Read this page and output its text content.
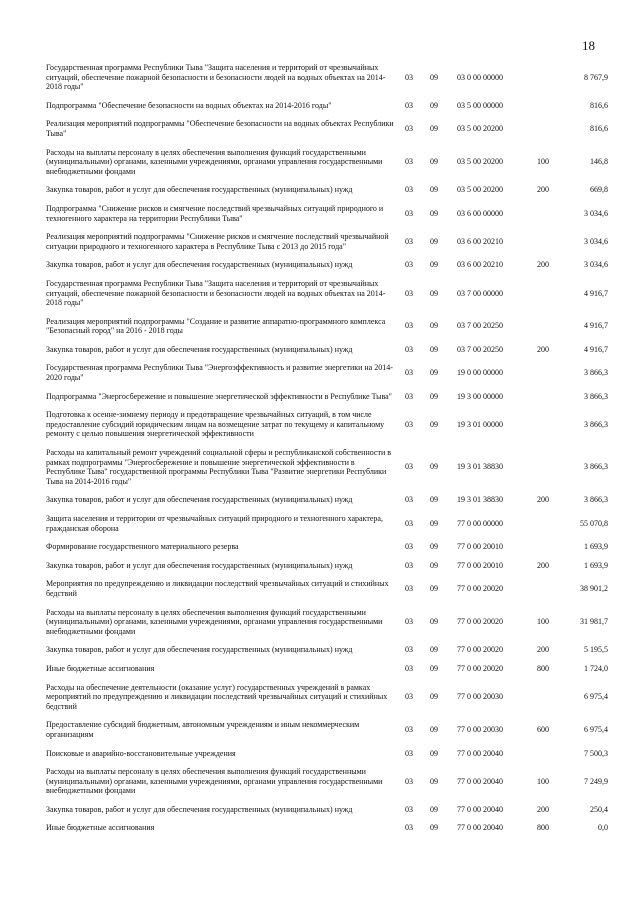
18
Государственная программа Республики Тыва "Защита населения и территорий от чрезвычайных ситуаций, обеспечение пожарной безопасности и безопасности людей на водных объектах на 2014-2018 годы"	03	09	03 0 00 00000		8 767,9
Подпрограмма "Обеспечение безопасности на водных объектах на 2014-2016 годы"	03	09	03 5 00 00000		816,6
Реализация мероприятий подпрограммы "Обеспечение безопасности на водных объектах Республики Тыва"	03	09	03 5 00 20200		816,6
Расходы на выплаты персоналу в целях обеспечения выполнения функций государственными (муниципальными) органами, казенными учреждениями, органами управления государственными внебюджетными фондами	03	09	03 5 00 20200	100	146,8
Закупка товаров, работ и услуг для обеспечения государственных (муниципальных) нужд	03	09	03 5 00 20200	200	669,8
Подпрограмма "Снижение рисков и смягчение последствий чрезвычайных ситуаций природного и техногенного характера на территории Республики Тыва"	03	09	03 6 00 00000		3 034,6
Реализация мероприятий подпрограммы "Снижение рисков и смягчение последствий чрезвычайной ситуации природного и техногенного характера в Республике Тыва с 2013 до 2015 года"	03	09	03 6 00 20210		3 034,6
Закупка товаров, работ и услуг для обеспечения государственных (муниципальных) нужд	03	09	03 6 00 20210	200	3 034,6
Государственная программа Республики Тыва "Защита населения и территорий от чрезвычайных ситуаций, обеспечение пожарной безопасности и безопасности людей на водных объектах на 2014-2018 годы"	03	09	03 7 00 00000		4 916,7
Реализация мероприятий подпрограммы "Создание и развитие аппаратно-программного комплекса "Безопасный город" на 2016 - 2018 годы	03	09	03 7 00 20250		4 916,7
Закупка товаров, работ и услуг для обеспечения государственных (муниципальных) нужд	03	09	03 7 00 20250	200	4 916,7
Государственная программа Республики Тыва "Энергоэффективность и развитие энергетики на 2014-2020 годы"	03	09	19 0 00 00000		3 866,3
Подпрограмма "Энергосбережение и повышение энергетической эффективности в Республике Тыва"	03	09	19 3 00 00000		3 866,3
Подготовка к осенне-зимнему периоду и предотвращение чрезвычайных ситуаций, в том числе предоставление субсидий юридическим лицам на возмещение затрат по текущему и капитальному ремонту с целью повышения энергетической эффективности	03	09	19 3 01 00000		3 866,3
Расходы на капитальный ремонт учреждений социальной сферы и республиканской собственности в рамках подпрограммы "Энергосбережение и повышение энергетической эффективности в Республике Тыва" государственной программы Республики Тыва "Развитие энергетики Республики Тыва на 2014-2016 годы"	03	09	19 3 01 38830		3 866,3
Закупка товаров, работ и услуг для обеспечения государственных (муниципальных) нужд	03	09	19 3 01 38830	200	3 866,3
Защита населения и территории от чрезвычайных ситуаций природного и техногенного характера, гражданская оборона	03	09	77 0 00 00000		55 070,8
Формирование государственного материального резерва	03	09	77 0 00 20010		1 693,9
Закупка товаров, работ и услуг для обеспечения государственных (муниципальных) нужд	03	09	77 0 00 20010	200	1 693,9
Мероприятия по предупреждению и ликвидации последствий чрезвычайных ситуаций и стихийных бедствий	03	09	77 0 00 20020		38 901,2
Расходы на выплаты персоналу в целях обеспечения выполнения функций государственными (муниципальными) органами, казенными учреждениями, органами управления государственными внебюджетными фондами	03	09	77 0 00 20020	100	31 981,7
Закупка товаров, работ и услуг для обеспечения государственных (муниципальных) нужд	03	09	77 0 00 20020	200	5 195,5
Иные бюджетные ассигнования	03	09	77 0 00 20020	800	1 724,0
Расходы на обеспечение деятельности (оказание услуг) государственных учреждений в рамках мероприятий по предупреждению и ликвидации последствий чрезвычайных ситуаций и стихийных бедствий	03	09	77 0 00 20030		6 975,4
Предоставление субсидий бюджетным, автономным учреждениям и иным некоммерческим организациям	03	09	77 0 00 20030	600	6 975,4
Поисковые и аварийно-восстановительные учреждения	03	09	77 0 00 20040		7 500,3
Расходы на выплаты персоналу в целях обеспечения выполнения функций государственными (муниципальными) органами, казенными учреждениями, органами управления государственными внебюджетными фондами	03	09	77 0 00 20040	100	7 249,9
Закупка товаров, работ и услуг для обеспечения государственных (муниципальных) нужд	03	09	77 0 00 20040	200	250,4
Иные бюджетные ассигнования	03	09	77 0 00 20040	800	0,0
